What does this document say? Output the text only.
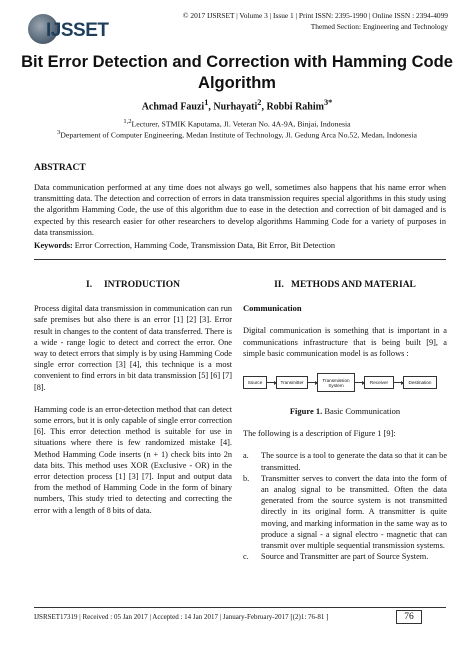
IJSSET
© 2017 IJSRSET | Volume 3 | Issue 1 | Print ISSN: 2395-1990 | Online ISSN : 2394-4099
Themed Section: Engineering and Technology
Bit Error Detection and Correction with Hamming Code
Algorithm
Achmad Fauzi$^1$, Nurhayati$^2$, Robbi Rahim$^{3*}$
$^{1,2}$Lecturer, STMIK Kaputama, Jl. Veteran No. 4A-9A, Binjai, Indonesia
$^3$Departement of Computer Engineering, Medan Institute of Technology, Jl. Gedung Arca No.52, Medan, Indonesia
ABSTRACT
Data communication performed at any time does not always go well, sometimes also happens that his name error when transmitting data. The detection and correction of errors in data transmission requires special algorithms in this study using the algorithm Hamming Code, the use of this algorithm due to ease in the detection and correction of bit damaged and is expected by this research easier for other researchers to develop algorithms Hamming Code for a variety of purposes in data transmission.
Keywords: Error Correction, Hamming Code, Transmission Data, Bit Error, Bit Detection
I.     INTRODUCTION
Process digital data transmission in communication can run safe premises but also there is an error [1] [2] [3]. Error result in changes to the content of data transferred. There is a wide - range logic to detect and correct the error. One way to detect errors that simply is by using Hamming Code single error correction [3] [4], this technique is a most convenient to find errors in bit data transmission [5] [6] [7] [8].
Hamming code is an error-detection method that can detect some errors, but it is only capable of single error correction [6]. This error detection method is suitable for use in situations where there is few randomized mistake [4]. Method Hamming Code inserts (n + 1) check bits into 2n data bits. This method uses XOR (Exclusive - OR) in the error detection process [1] [3] [7]. Input and output data from the method of Hamming Code in the form of binary numbers, This study tried to detecting and correcting the error with a length of 8 bits of data.
II.   METHODS AND MATERIAL
Communication
Digital communication is something that is important in a communications infrastructure that is being built [9], a simple basic communication model is as follows :
Source	Transmitter	Transmission
System	Receiver	Destination
Figure 1. Basic Communication
The following is a description of Figure 1 [9]:
a.	The source is a tool to generate the data so that it can be transmitted.
b.	Transmitter serves to convert the data into the form of an analog signal to be transmitted. Often the data generated from the source system is not transmitted directly in its original form. A transmitter is quite moving, and marking information in the same way as to produce a signal - a signal electro - magnetic that can transmit over multiple sequential transmission systems.
c.	Source and Transmitter are part of Source System.
IJSRSET17319 | Received : 05 Jan 2017 | Accepted : 14 Jan 2017 | January-February-2017 [(2)1: 76-81 ]	76
